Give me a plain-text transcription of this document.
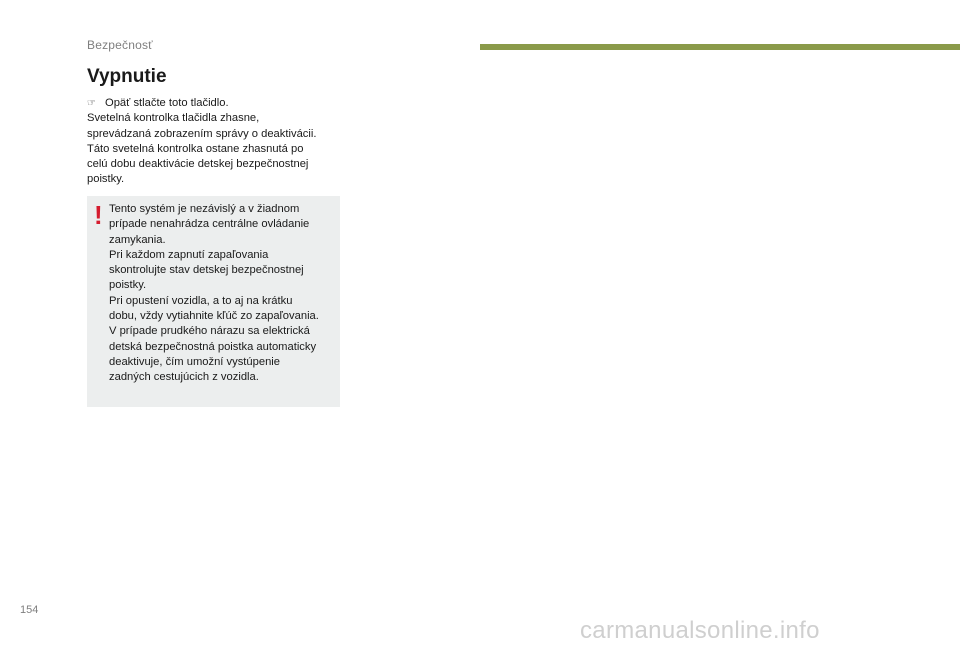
Bezpečnosť
Vypnutie
☞ Opäť stlačte toto tlačidlo.

Svetelná kontrolka tlačidla zhasne,

sprevádzaná zobrazením správy o deaktivácii.

Táto svetelná kontrolka ostane zhasnutá po

celú dobu deaktivácie detskej bezpečnostnej

poistky.

! Tento systém je nezávislý a v žiadnom

prípade nenahrádza centrálne ovládanie

zamykania.

Pri každom zapnutí zapaľovania

skontrolujte stav detskej bezpečnostnej

poistky.

Pri opustení vozidla, a to aj na krátku

dobu, vždy vytiahnite kľúč zo zapaľovania.

V prípade prudkého nárazu sa elektrická

detská bezpečnostná poistka automaticky

deaktivuje, čím umožní vystúpenie

zadných cestujúcich z vozidla.

154
carmanualsonline.info
